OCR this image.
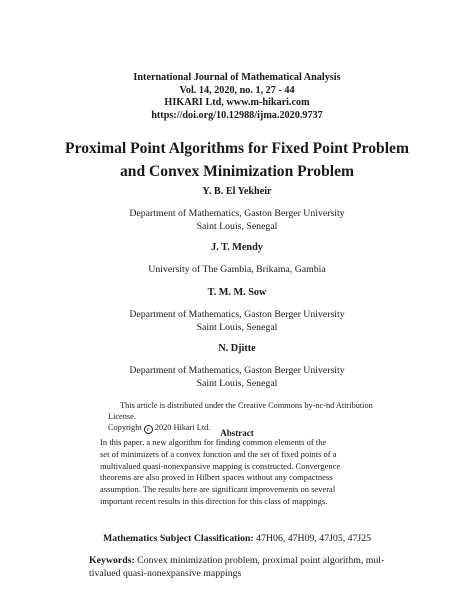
International Journal of Mathematical Analysis
Vol. 14, 2020, no. 1, 27 - 44
HIKARI Ltd, www.m-hikari.com
https://doi.org/10.12988/ijma.2020.9737
Proximal Point Algorithms for Fixed Point Problem
and Convex Minimization Problem
Y. B. El Yekheir
Department of Mathematics, Gaston Berger University
Saint Louis, Senegal
J. T. Mendy
University of The Gambia, Brikama, Gambia
T. M. M. Sow
Department of Mathematics, Gaston Berger University
Saint Louis, Senegal
N. Djitte
Department of Mathematics, Gaston Berger University
Saint Louis, Senegal
This article is distributed under the Creative Commons by-nc-nd Attribution License.
Copyright c 2020 Hikari Ltd.
Abstract
In this paper, a new algorithm for finding common elements of the
set of minimizers of a convex function and the set of fixed points of a
multivalued quasi-nonexpansive mapping is constructed. Convergence
theorems are also proved in Hilbert spaces without any compactness
assumption. The results here are significant improvements on several
important recent results in this direction for this class of mappings.
Mathematics Subject Classification: 47H06, 47H09, 47J05, 47J25
Keywords: Convex minimization problem, proximal point algorithm, mul-
tivalued quasi-nonexpansive mappings
